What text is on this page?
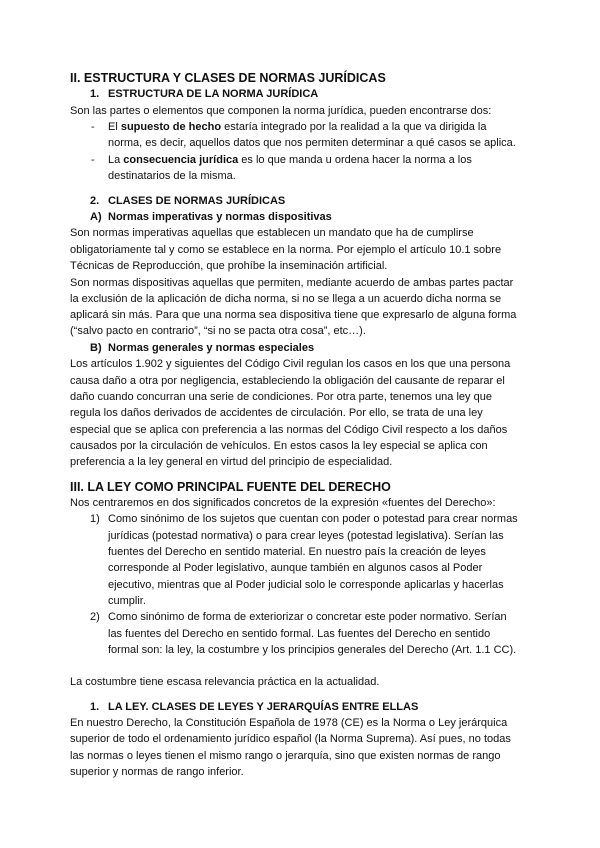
II. ESTRUCTURA Y CLASES DE NORMAS JURÍDICAS
1. ESTRUCTURA DE LA NORMA JURÍDICA
Son las partes o elementos que componen la norma jurídica, pueden encontrarse dos:
- El supuesto de hecho estaría integrado por la realidad a la que va dirigida la
norma, es decir, aquellos datos que nos permiten determinar a qué casos se aplica.
- La consecuencia jurídica es lo que manda u ordena hacer la norma a los
destinatarios de la misma.
2. CLASES DE NORMAS JURÍDICAS
A) Normas imperativas y normas dispositivas
Son normas imperativas aquellas que establecen un mandato que ha de cumplirse
obligatoriamente tal y como se establece en la norma. Por ejemplo el artículo 10.1 sobre
Técnicas de Reproducción, que prohíbe la inseminación artificial.
Son normas dispositivas aquellas que permiten, mediante acuerdo de ambas partes pactar
la exclusión de la aplicación de dicha norma, si no se llega a un acuerdo dicha norma se
aplicará sin más. Para que una norma sea dispositiva tiene que expresarlo de alguna forma
(“salvo pacto en contrario”, “si no se pacta otra cosa”, etc…).
B) Normas generales y normas especiales
Los artículos 1.902 y siguientes del Código Civil regulan los casos en los que una persona
causa daño a otra por negligencia, estableciendo la obligación del causante de reparar el
daño cuando concurran una serie de condiciones. Por otra parte, tenemos una ley que
regula los daños derivados de accidentes de circulación. Por ello, se trata de una ley
especial que se aplica con preferencia a las normas del Código Civil respecto a los daños
causados por la circulación de vehículos. En estos casos la ley especial se aplica con
preferencia a la ley general en virtud del principio de especialidad.
III. LA LEY COMO PRINCIPAL FUENTE DEL DERECHO
Nos centraremos en dos significados concretos de la expresión «fuentes del Derecho»:
1) Como sinónimo de los sujetos que cuentan con poder o potestad para crear normas
jurídicas (potestad normativa) o para crear leyes (potestad legislativa). Serían las
fuentes del Derecho en sentido material. En nuestro país la creación de leyes
corresponde al Poder legislativo, aunque también en algunos casos al Poder
ejecutivo, mientras que al Poder judicial solo le corresponde aplicarlas y hacerlas
cumplir.
2) Como sinónimo de forma de exteriorizar o concretar este poder normativo. Serían
las fuentes del Derecho en sentido formal. Las fuentes del Derecho en sentido
formal son: la ley, la costumbre y los principios generales del Derecho (Art. 1.1 CC).
La costumbre tiene escasa relevancia práctica en la actualidad.
1. LA LEY. CLASES DE LEYES Y JERARQUÍAS ENTRE ELLAS
En nuestro Derecho, la Constitución Española de 1978 (CE) es la Norma o Ley jerárquica
superior de todo el ordenamiento jurídico español (la Norma Suprema). Así pues, no todas
las normas o leyes tienen el mismo rango o jerarquía, sino que existen normas de rango
superior y normas de rango inferior.
